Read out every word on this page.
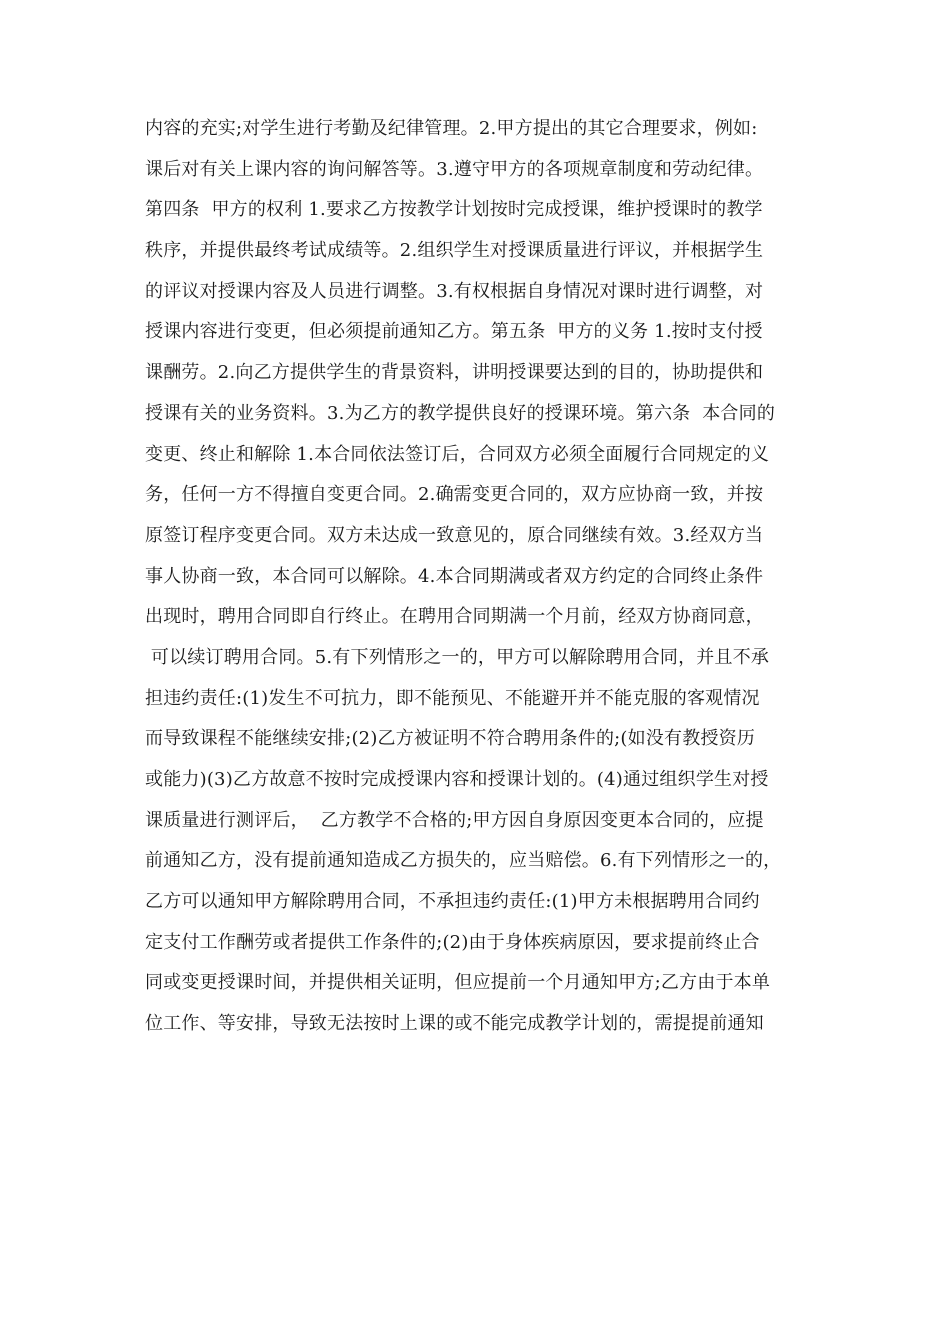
内容的充实;对学生进行考勤及纪律管理。2.甲方提出的其它合理要求，例如:
课后对有关上课内容的询问解答等。3.遵守甲方的各项规章制度和劳动纪律。
第四条  甲方的权利 1.要求乙方按教学计划按时完成授课，维护授课时的教学
秩序，并提供最终考试成绩等。2.组织学生对授课质量进行评议，并根据学生
的评议对授课内容及人员进行调整。3.有权根据自身情况对课时进行调整，对
授课内容进行变更，但必须提前通知乙方。第五条  甲方的义务 1.按时支付授
课酬劳。2.向乙方提供学生的背景资料，讲明授课要达到的目的，协助提供和
授课有关的业务资料。3.为乙方的教学提供良好的授课环境。第六条  本合同的
变更、终止和解除 1.本合同依法签订后，合同双方必须全面履行合同规定的义
务，任何一方不得擅自变更合同。2.确需变更合同的，双方应协商一致，并按
原签订程序变更合同。双方未达成一致意见的，原合同继续有效。3.经双方当
事人协商一致，本合同可以解除。4.本合同期满或者双方约定的合同终止条件
出现时，聘用合同即自行终止。在聘用合同期满一个月前，经双方协商同意，
可以续订聘用合同。5.有下列情形之一的，甲方可以解除聘用合同，并且不承
担违约责任:(1)发生不可抗力，即不能预见、不能避开并不能克服的客观情况
而导致课程不能继续安排;(2)乙方被证明不符合聘用条件的;(如没有教授资历
或能力)(3)乙方故意不按时完成授课内容和授课计划的。(4)通过组织学生对授
课质量进行测评后，  乙方教学不合格的;甲方因自身原因变更本合同的，应提
前通知乙方，没有提前通知造成乙方损失的，应当赔偿。6.有下列情形之一的，
乙方可以通知甲方解除聘用合同，不承担违约责任:(1)甲方未根据聘用合同约
定支付工作酬劳或者提供工作条件的;(2)由于身体疾病原因，要求提前终止合
同或变更授课时间，并提供相关证明，但应提前一个月通知甲方;乙方由于本单
位工作、等安排，导致无法按时上课的或不能完成教学计划的，需提提前通知
